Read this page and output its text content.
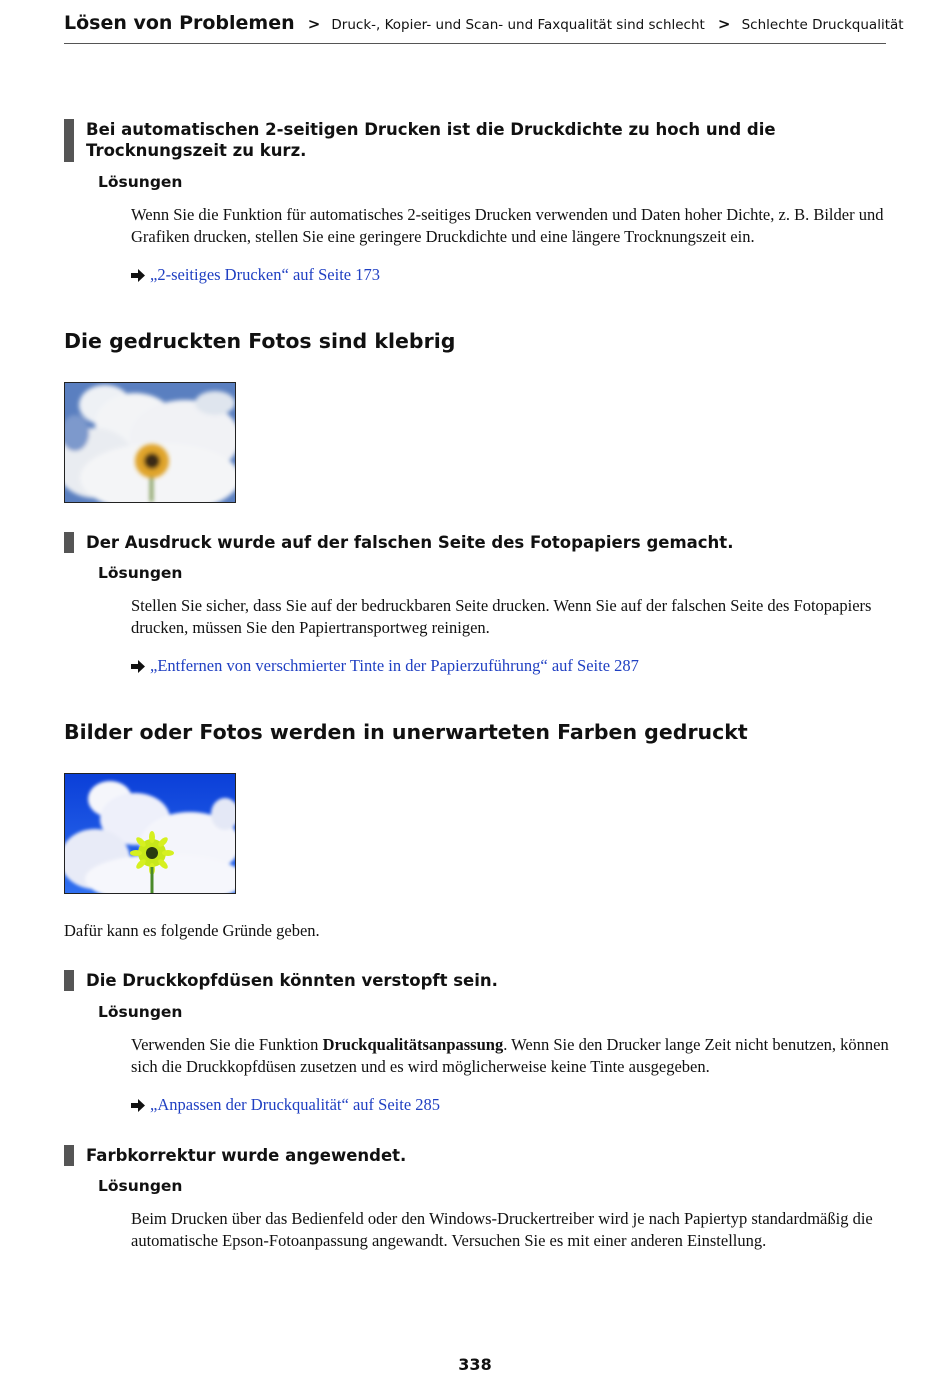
Lösen von Problemen > Druck-, Kopier- und Scan- und Faxqualität sind schlecht > Schlechte Druckqualität
Bei automatischen 2-seitigen Drucken ist die Druckdichte zu hoch und die Trocknungszeit zu kurz.
Lösungen
Wenn Sie die Funktion für automatisches 2-seitiges Drucken verwenden und Daten hoher Dichte, z. B. Bilder und Grafiken drucken, stellen Sie eine geringere Druckdichte und eine längere Trocknungszeit ein.
„2-seitiges Drucken“ auf Seite 173
Die gedruckten Fotos sind klebrig
Der Ausdruck wurde auf der falschen Seite des Fotopapiers gemacht.
Lösungen
Stellen Sie sicher, dass Sie auf der bedruckbaren Seite drucken. Wenn Sie auf der falschen Seite des Fotopapiers drucken, müssen Sie den Papiertransportweg reinigen.
„Entfernen von verschmierter Tinte in der Papierzuführung“ auf Seite 287
Bilder oder Fotos werden in unerwarteten Farben gedruckt
Dafür kann es folgende Gründe geben.
Die Druckkopfdüsen könnten verstopft sein.
Lösungen
Verwenden Sie die Funktion Druckqualitätsanpassung. Wenn Sie den Drucker lange Zeit nicht benutzen, können sich die Druckkopfdüsen zusetzen und es wird möglicherweise keine Tinte ausgegeben.
„Anpassen der Druckqualität“ auf Seite 285
Farbkorrektur wurde angewendet.
Lösungen
Beim Drucken über das Bedienfeld oder den Windows-Druckertreiber wird je nach Papiertyp standardmäßig die automatische Epson-Fotoanpassung angewandt. Versuchen Sie es mit einer anderen Einstellung.
338
